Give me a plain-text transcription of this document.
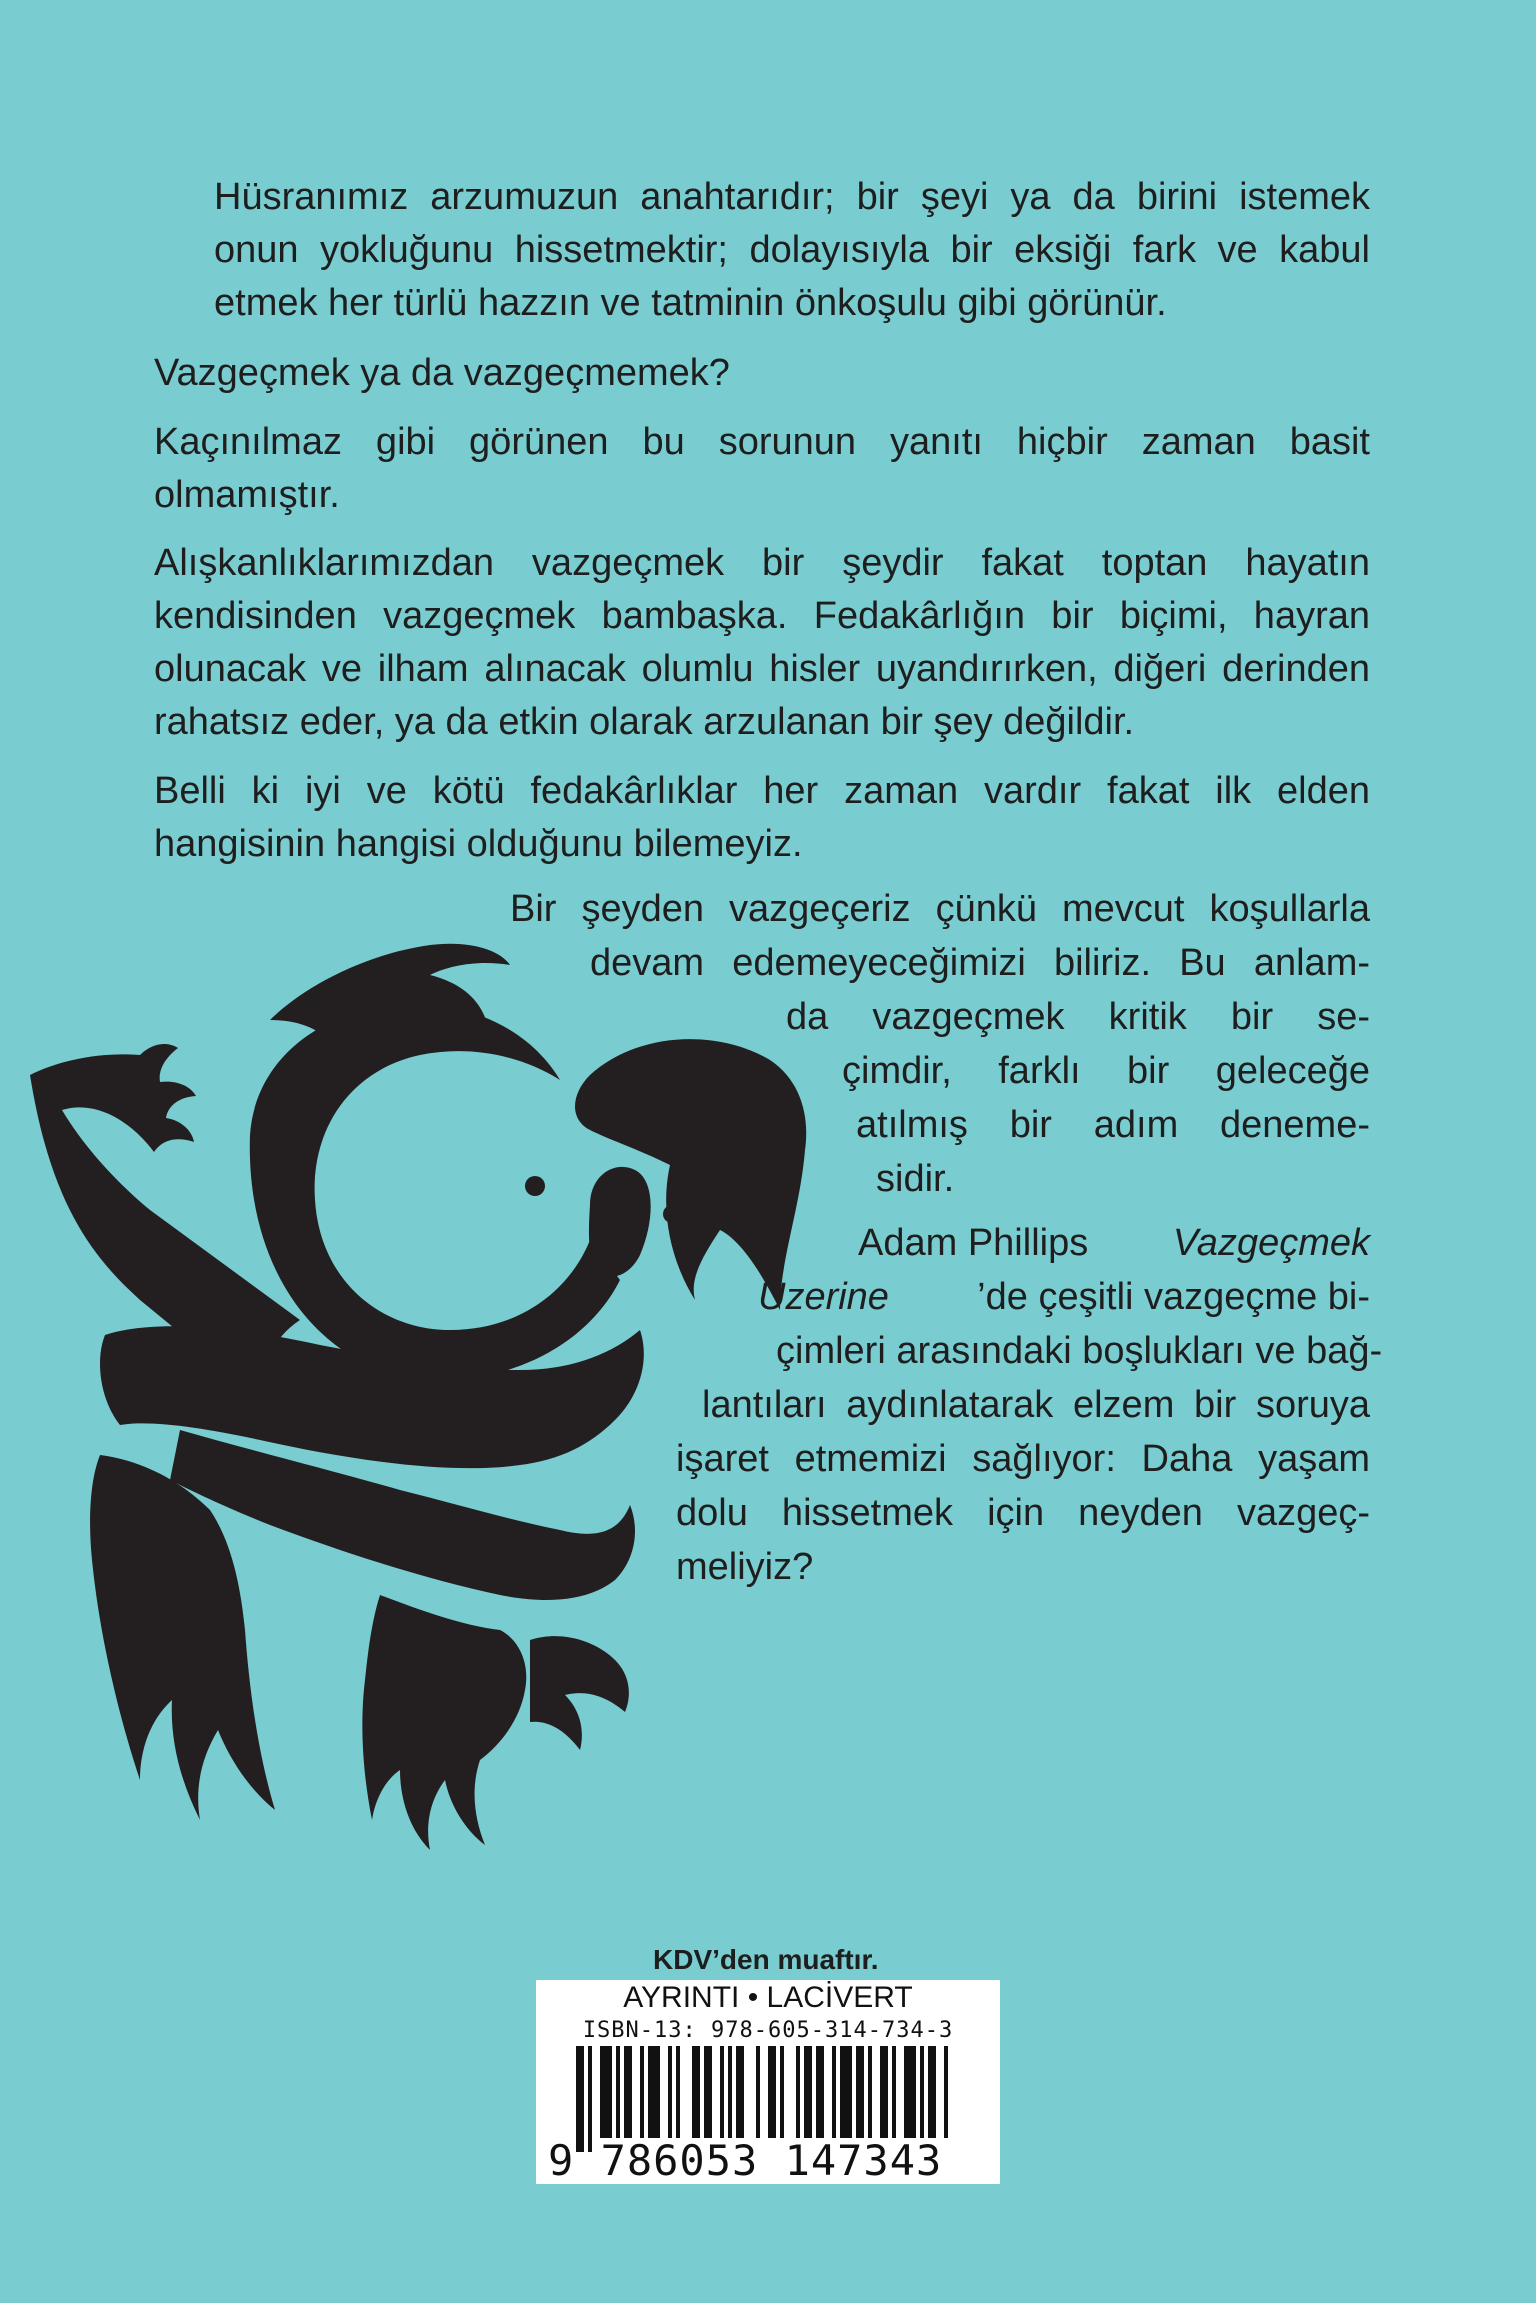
Hüsranımız arzumuzun anahtarıdır; bir şeyi ya da birini istemek onun yokluğunu hissetmektir; dolayısıyla bir eksiği fark ve kabul etmek her türlü hazzın ve tatminin önkoşulu gibi görünür.

Vazgeçmek ya da vazgeçmemek?

Kaçınılmaz gibi görünen bu sorunun yanıtı hiçbir zaman basit olmamıştır.

Alışkanlıklarımızdan vazgeçmek bir şeydir fakat toptan hayatın kendisinden vazgeçmek bambaşka. Fedakârlığın bir biçimi, hayran olunacak ve ilham alınacak olumlu hisler uyandırırken, diğeri derinden rahatsız eder, ya da etkin olarak arzulanan bir şey değildir.

Belli ki iyi ve kötü fedakârlıklar her zaman vardır fakat ilk elden hangisinin hangisi olduğunu bilemeyiz.

Bir şeyden vazgeçeriz çünkü mevcut koşullarla
devam edemeyeceğimizi biliriz. Bu anlam-
da vazgeçmek kritik bir se-
çimdir, farklı bir geleceğe
atılmış bir adım deneme-
sidir.
Adam Phillips Vazgeçmek
Üzerine ’de çeşitli vazgeçme bi-
çimleri arasındaki boşlukları ve bağ-
lantıları aydınlatarak elzem bir soruya
işaret etmemizi sağlıyor: Daha yaşam
dolu hissetmek için neyden vazgeç-
meliyiz?
KDV’den muaftır.
AYRINTI • LACİVERT
ISBN-13: 978-605-314-734-3
9 786053 147343
